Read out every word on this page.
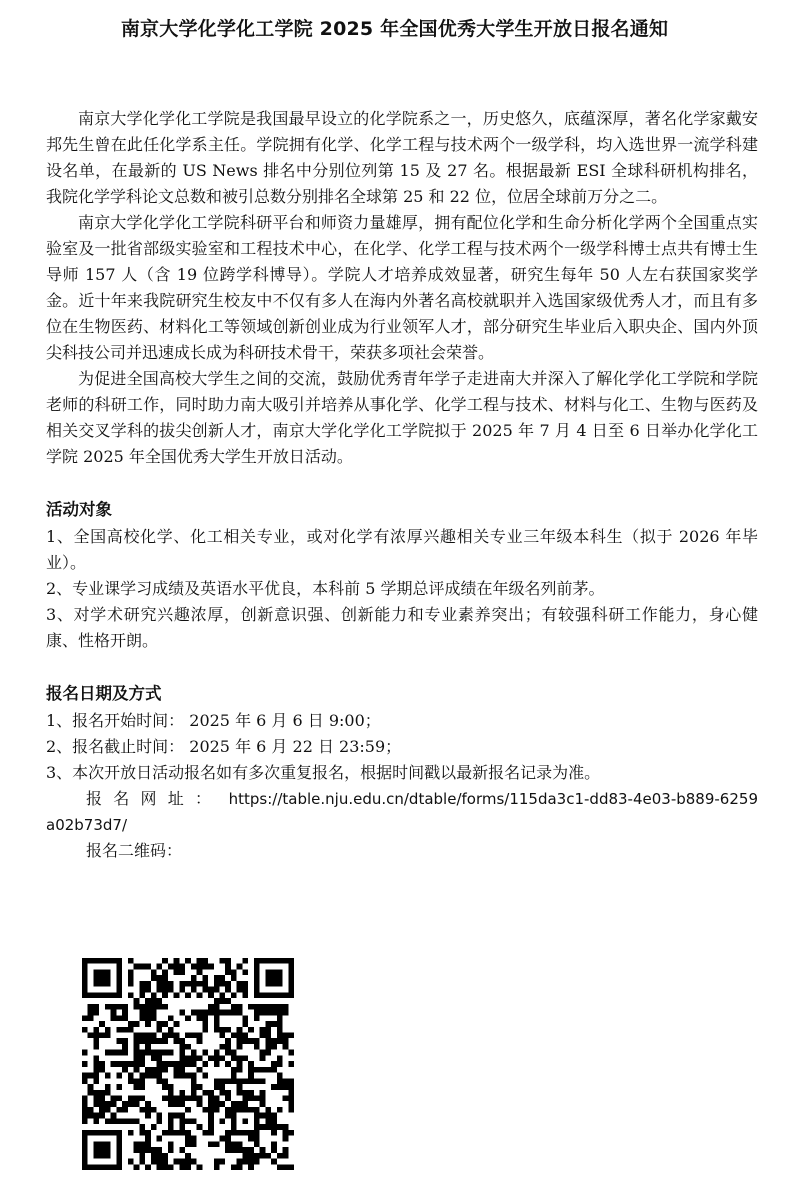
南京大学化学化工学院 2025 年全国优秀大学生开放日报名通知

南京大学化学化工学院是我国最早设立的化学院系之一，历史悠久，底蕴深厚，著名化学家戴安邦先生曾在此任化学系主任。学院拥有化学、化学工程与技术两个一级学科，均入选世界一流学科建设名单，在最新的 US News 排名中分别位列第 15 及 27 名。根据最新 ESI 全球科研机构排名，我院化学学科论文总数和被引总数分别排名全球第 25 和 22 位，位居全球前万分之二。

南京大学化学化工学院科研平台和师资力量雄厚，拥有配位化学和生命分析化学两个全国重点实验室及一批省部级实验室和工程技术中心，在化学、化学工程与技术两个一级学科博士点共有博士生导师 157 人（含 19 位跨学科博导）。学院人才培养成效显著，研究生每年 50 人左右获国家奖学金。近十年来我院研究生校友中不仅有多人在海内外著名高校就职并入选国家级优秀人才，而且有多位在生物医药、材料化工等领域创新创业成为行业领军人才，部分研究生毕业后入职央企、国内外顶尖科技公司并迅速成长成为科研技术骨干，荣获多项社会荣誉。

为促进全国高校大学生之间的交流，鼓励优秀青年学子走进南大并深入了解化学化工学院和学院老师的科研工作，同时助力南大吸引并培养从事化学、化学工程与技术、材料与化工、生物与医药及相关交叉学科的拔尖创新人才，南京大学化学化工学院拟于 2025 年 7 月 4 日至 6 日举办化学化工学院 2025 年全国优秀大学生开放日活动。

活动对象

1、全国高校化学、化工相关专业，或对化学有浓厚兴趣相关专业三年级本科生（拟于 2026 年毕业）。

2、专业课学习成绩及英语水平优良，本科前 5 学期总评成绩在年级名列前茅。

3、对学术研究兴趣浓厚，创新意识强、创新能力和专业素养突出；有较强科研工作能力，身心健康、性格开朗。

报名日期及方式

1、报名开始时间： 2025 年 6 月 6 日 9:00；

2、报名截止时间： 2025 年 6 月 22 日 23:59；

3、本次开放日活动报名如有多次重复报名，根据时间戳以最新报名记录为准。

报名网址： https://table.nju.edu.cn/dtable/forms/115da3c1-dd83-4e03-b889-6259a02b73d7/

报名二维码：
